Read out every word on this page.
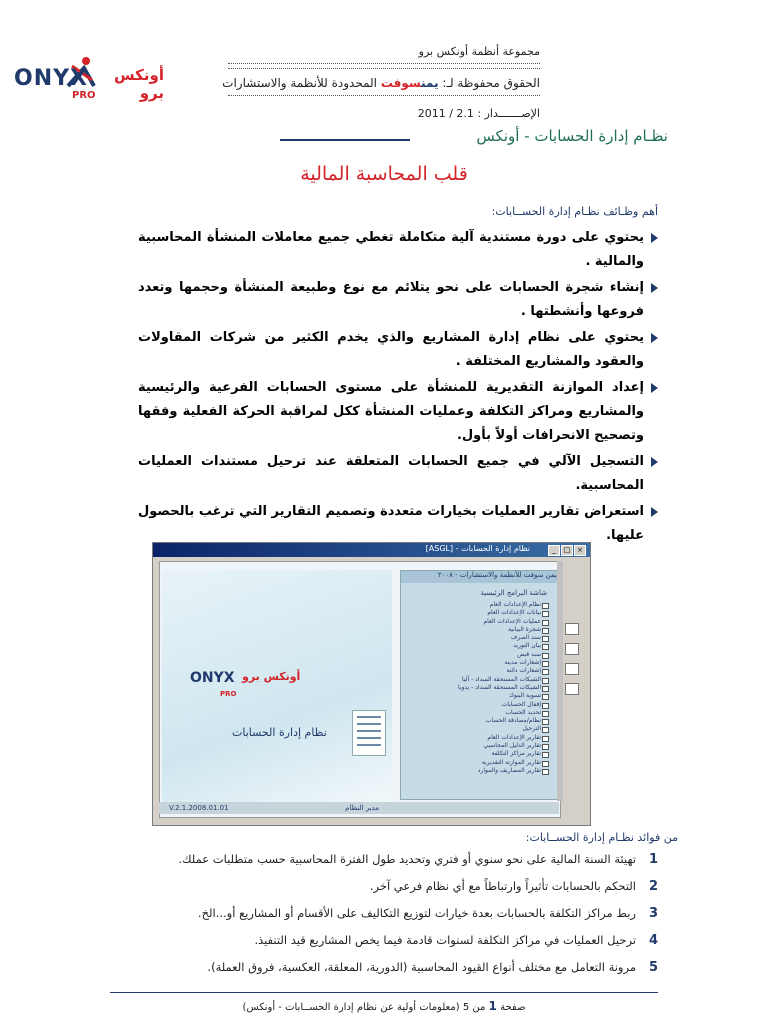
ONYX	أونكس برو
PRO
مجموعة أنظمة أونكس برو
الحقوق محفوظة لـ: يمنسوفت المحدودة للأنظمة والاستشارات
الإصـــــــدار : 2.1 / 2011
نظـام إدارة الحسابات - أونكس
قلب المحاسبة المالية
أهم وظـائف نظـام إدارة الحســابات:
يحتوي على دورة مستندية آلية متكاملة تغطي جميع معاملات المنشأة المحاسبية والمالية .
إنشاء شجرة الحسابات على نحو يتلائم مع نوع وطبيعة المنشأة وحجمها وتعدد فروعها وأنشطتها .
يحتوي على نظام إدارة المشاريع والذي يخدم الكثير من شركات المقاولات والعقود والمشاريع المختلفة .
إعداد الموازنة التقديرية للمنشأة على مستوى الحسابات الفرعية والرئيسية والمشاريع ومراكز التكلفة وعمليات المنشأة ككل لمراقبة الحركة الفعلية وفقها وتصحيح الانحرافات أولاً بأول.
التسجيل الآلي في جميع الحسابات المتعلقة عند ترحيل مستندات العمليات المحاسبية.
استعراض تقارير العمليات بخيارات متعددة وتصميم التقارير التي ترغب بالحصول عليها.
نظام إدارة الحسابات - [ASGL]	_	□ ×
ONYX أونكس برو
PRO
نظام إدارة الحسابات
يمن سوفت للأنظمة والاستشارات - ٢٠٠٨
شاشة البرامج الرئيسية
نظام الإعدادات العام
بيانات الإعدادات العام
عمليات الإعدادات العام
شجرة البيانية
سند الصرف
بيان التوريد
سند قبض
إشعارات مدينة
إشعارات دائنة
الشيكات المستحقة السداد - آليا
الشيكات المستحقة السداد - يدويا
تسوية البنوك
إقفال الحسابات
تحديد الحساب
نظام/مصادقة الحساب
الترحيل
تقارير الإعدادات العام
تقارير الدليل المحاسبي
تقارير مراكز التكلفة
تقارير الموازنة التقديرية
تقارير المصاريف والموارد
V.2.1.2008.01.01	مدير النظام
من فوائد نظـام إدارة الحســابات:
1
تهيئة السنة المالية على نحو سنوي أو فتري وتحديد طول الفترة المحاسبية حسب متطلبات عملك.
2
التحكم بالحسابات تأثيراً وارتباطاً مع أي نظام فرعي آخر.
3
ربط مراكز التكلفة بالحسابات بعدة خيارات لتوزيع التكاليف على الأقسام أو المشاريع أو...الخ.
4
ترحيل العمليات في مراكز التكلفة لسنوات قادمة فيما يخص المشاريع قيد التنفيذ.
5
مرونة التعامل مع مختلف أنواع القيود المحاسبية (الدورية، المعلقة، العكسية، فروق العملة).
صفحة 1 من 5 (معلومات أولية عن نظام إدارة الحســابات - أونكس)
